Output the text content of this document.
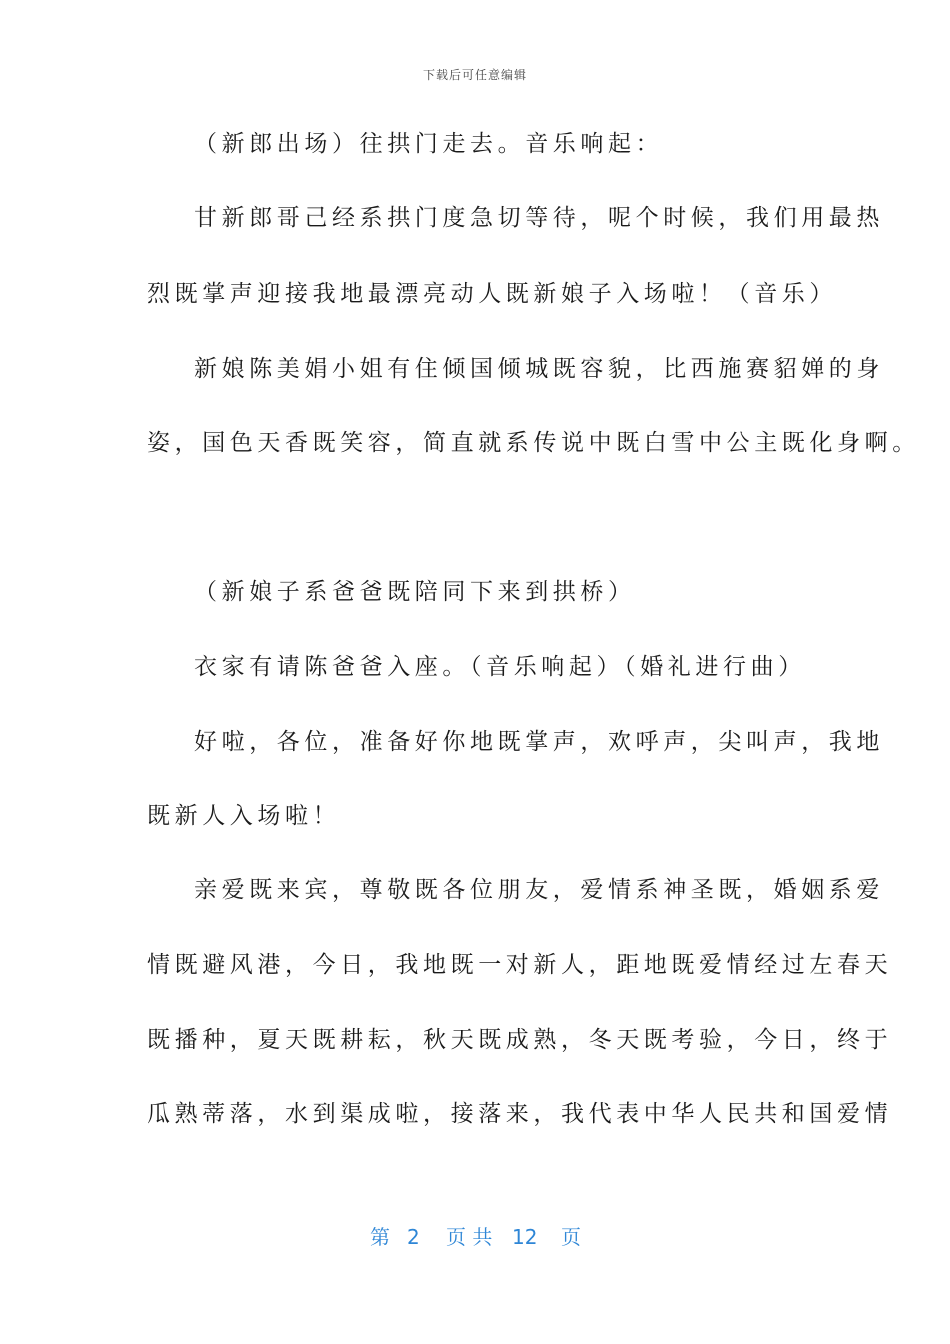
下载后可任意编辑
（新郎出场）往拱门走去。音乐响起：
甘新郎哥己经系拱门度急切等待，呢个时候，我们用最热
烈既掌声迎接我地最漂亮动人既新娘子入场啦！（音乐）
新娘陈美娟小姐有住倾国倾城既容貌，比西施赛貂婵的身
姿，国色天香既笑容，简直就系传说中既白雪中公主既化身啊。
（新娘子系爸爸既陪同下来到拱桥）
衣家有请陈爸爸入座。（音乐响起）（婚礼进行曲）
好啦，各位，准备好你地既掌声，欢呼声，尖叫声，我地
既新人入场啦！
亲爱既来宾，尊敬既各位朋友，爱情系神圣既，婚姻系爱
情既避风港，今日，我地既一对新人，距地既爱情经过左春天
既播种，夏天既耕耘，秋天既成熟，冬天既考验，今日，终于
瓜熟蒂落，水到渠成啦，接落来，我代表中华人民共和国爱情
第 2 页 共 12 页
